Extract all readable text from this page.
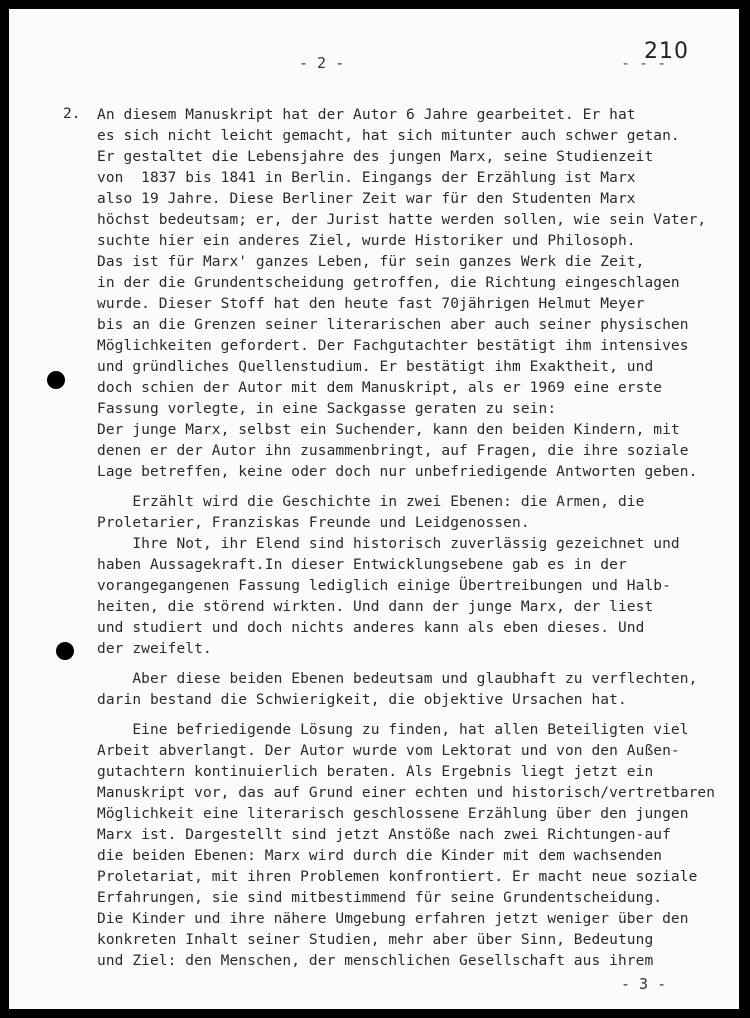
210
- 2 -	- - -
2. An diesem Manuskript hat der Autor 6 Jahre gearbeitet. Er hat
es sich nicht leicht gemacht, hat sich mitunter auch schwer getan.
Er gestaltet die Lebensjahre des jungen Marx, seine Studienzeit
von  1837 bis 1841 in Berlin. Eingangs der Erzählung ist Marx
also 19 Jahre. Diese Berliner Zeit war für den Studenten Marx
höchst bedeutsam; er, der Jurist hatte werden sollen, wie sein Vater,
suchte hier ein anderes Ziel, wurde Historiker und Philosoph.
Das ist für Marx' ganzes Leben, für sein ganzes Werk die Zeit,
in der die Grundentscheidung getroffen, die Richtung eingeschlagen
wurde. Dieser Stoff hat den heute fast 70jährigen Helmut Meyer
bis an die Grenzen seiner literarischen aber auch seiner physischen
Möglichkeiten gefordert. Der Fachgutachter bestätigt ihm intensives
und gründliches Quellenstudium. Er bestätigt ihm Exaktheit, und
doch schien der Autor mit dem Manuskript, als er 1969 eine erste
Fassung vorlegte, in eine Sackgasse geraten zu sein:
Der junge Marx, selbst ein Suchender, kann den beiden Kindern, mit
denen er der Autor ihn zusammenbringt, auf Fragen, die ihre soziale
Lage betreffen, keine oder doch nur unbefriedigende Antworten geben.
Erzählt wird die Geschichte in zwei Ebenen: die Armen, die
Proletarier, Franziskas Freunde und Leidgenossen.
Ihre Not, ihr Elend sind historisch zuverlässig gezeichnet und
haben Aussagekraft.In dieser Entwicklungsebene gab es in der
vorangegangenen Fassung lediglich einige Übertreibungen und Halb-
heiten, die störend wirkten. Und dann der junge Marx, der liest
und studiert und doch nichts anderes kann als eben dieses. Und
der zweifelt.
Aber diese beiden Ebenen bedeutsam und glaubhaft zu verflechten,
darin bestand die Schwierigkeit, die objektive Ursachen hat.
Eine befriedigende Lösung zu finden, hat allen Beteiligten viel
Arbeit abverlangt. Der Autor wurde vom Lektorat und von den Außen-
gutachtern kontinuierlich beraten. Als Ergebnis liegt jetzt ein
Manuskript vor, das auf Grund einer echten und historisch/vertretbaren
Möglichkeit eine literarisch geschlossene Erzählung über den jungen
Marx ist. Dargestellt sind jetzt Anstöße nach zwei Richtungen-auf
die beiden Ebenen: Marx wird durch die Kinder mit dem wachsenden
Proletariat, mit ihren Problemen konfrontiert. Er macht neue soziale
Erfahrungen, sie sind mitbestimmend für seine Grundentscheidung.
Die Kinder und ihre nähere Umgebung erfahren jetzt weniger über den
konkreten Inhalt seiner Studien, mehr aber über Sinn, Bedeutung
und Ziel: den Menschen, der menschlichen Gesellschaft aus ihrem
- 3 -
